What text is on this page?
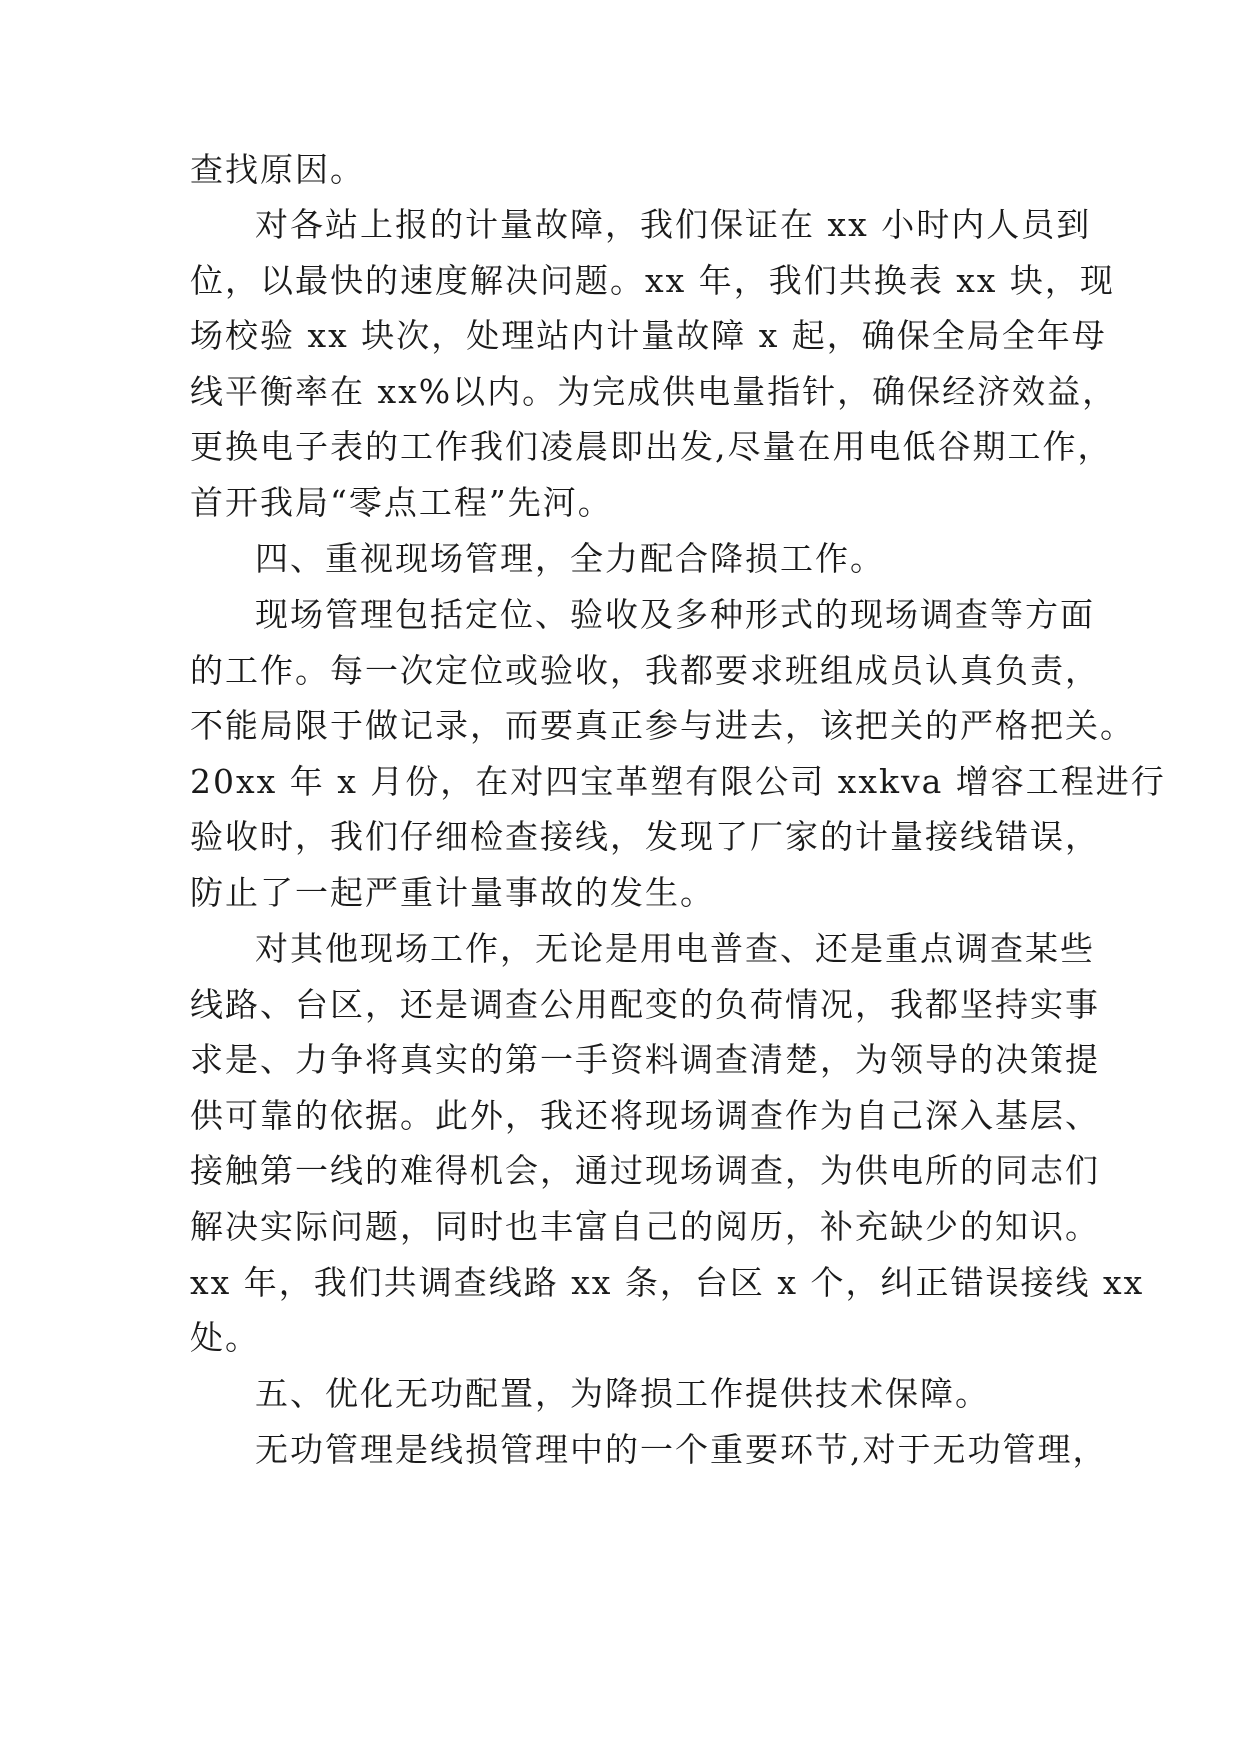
查找原因。
对各站上报的计量故障，我们保证在 xx 小时内人员到
位，以最快的速度解决问题。xx 年，我们共换表 xx 块，现
场校验 xx 块次，处理站内计量故障 x 起，确保全局全年母
线平衡率在 xx%以内。为完成供电量指针，确保经济效益，
更换电子表的工作我们凌晨即出发,尽量在用电低谷期工作，
首开我局“零点工程”先河。
四、重视现场管理，全力配合降损工作。
现场管理包括定位、验收及多种形式的现场调查等方面
的工作。每一次定位或验收，我都要求班组成员认真负责，
不能局限于做记录，而要真正参与进去，该把关的严格把关。
20xx 年 x 月份，在对四宝革塑有限公司 xxkva 增容工程进行
验收时，我们仔细检查接线，发现了厂家的计量接线错误，
防止了一起严重计量事故的发生。
对其他现场工作，无论是用电普查、还是重点调查某些
线路、台区，还是调查公用配变的负荷情况，我都坚持实事
求是、力争将真实的第一手资料调查清楚，为领导的决策提
供可靠的依据。此外，我还将现场调查作为自己深入基层、
接触第一线的难得机会，通过现场调查，为供电所的同志们
解决实际问题，同时也丰富自己的阅历，补充缺少的知识。
xx 年，我们共调查线路 xx 条，台区 x 个，纠正错误接线 xx
处。
五、优化无功配置，为降损工作提供技术保障。
无功管理是线损管理中的一个重要环节,对于无功管理，
